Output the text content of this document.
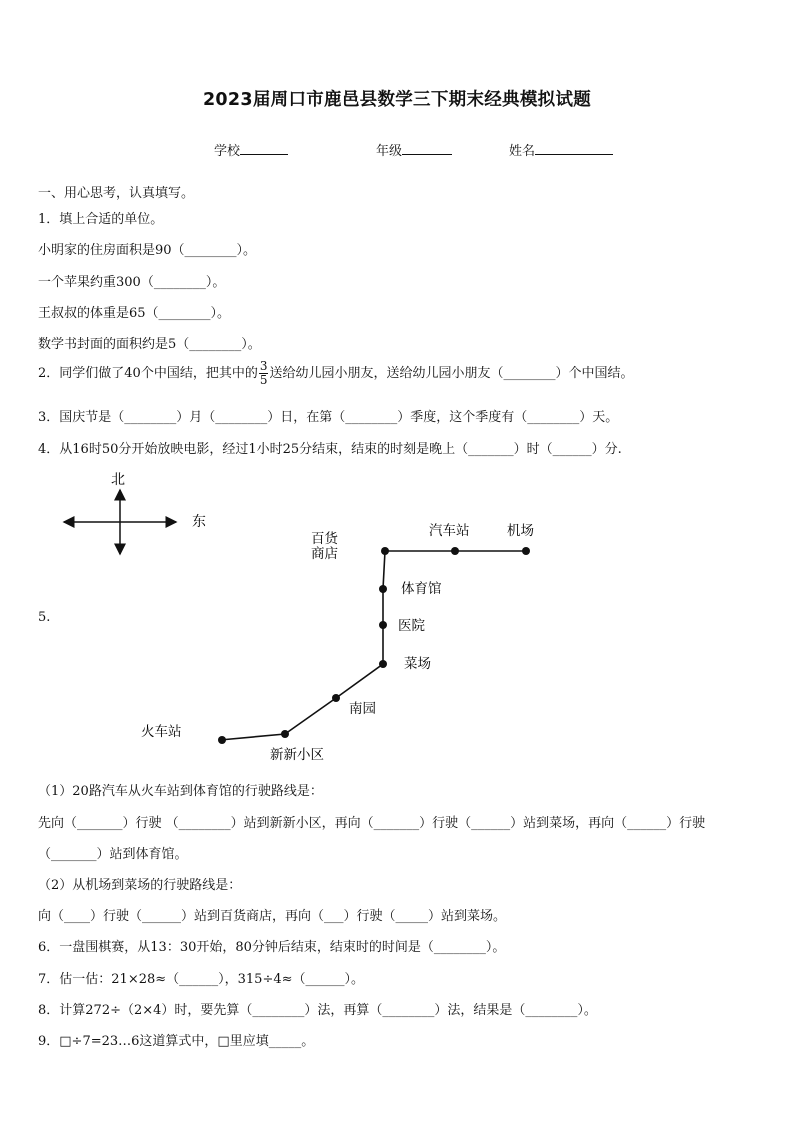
2023届周口市鹿邑县数学三下期末经典模拟试题
学校	年级	姓名
一、用心思考，认真填写。
1．填上合适的单位。
小明家的住房面积是90（________）。
一个苹果约重300（________）。
王叔叔的体重是65（________）。
数学书封面的面积约是5（________）。
2．同学们做了40个中国结，把其中的 $\frac{3}{5}$ 送给幼儿园小朋友，送给幼儿园小朋友（________）个中国结。
3．国庆节是（________）月（________）日，在第（________）季度，这个季度有（________）天。
4．从16时50分开始放映电影，经过1小时25分结束，结束的时刻是晚上（_______）时（______）分.
北
东
百货
商店
汽车站	机场
体育馆
医院
菜场
南园
火车站
新新小区
5.
（1）20路汽车从火车站到体育馆的行驶路线是：
先向（_______）行驶 （________）站到新新小区，再向（_______）行驶（______）站到菜场，再向（______）行驶
（_______）站到体育馆。
（2）从机场到菜场的行驶路线是：
向（____）行驶（______）站到百货商店，再向（___）行驶（_____）站到菜场。
6．一盘围棋赛，从13：30开始，80分钟后结束，结束时的时间是（________）。
7．估一估：21×28≈（______），315÷4≈（______）。
8．计算272÷（2×4）时，要先算（________）法，再算（________）法，结果是（________）。
9．□÷7=23…6这道算式中，□里应填_____。
